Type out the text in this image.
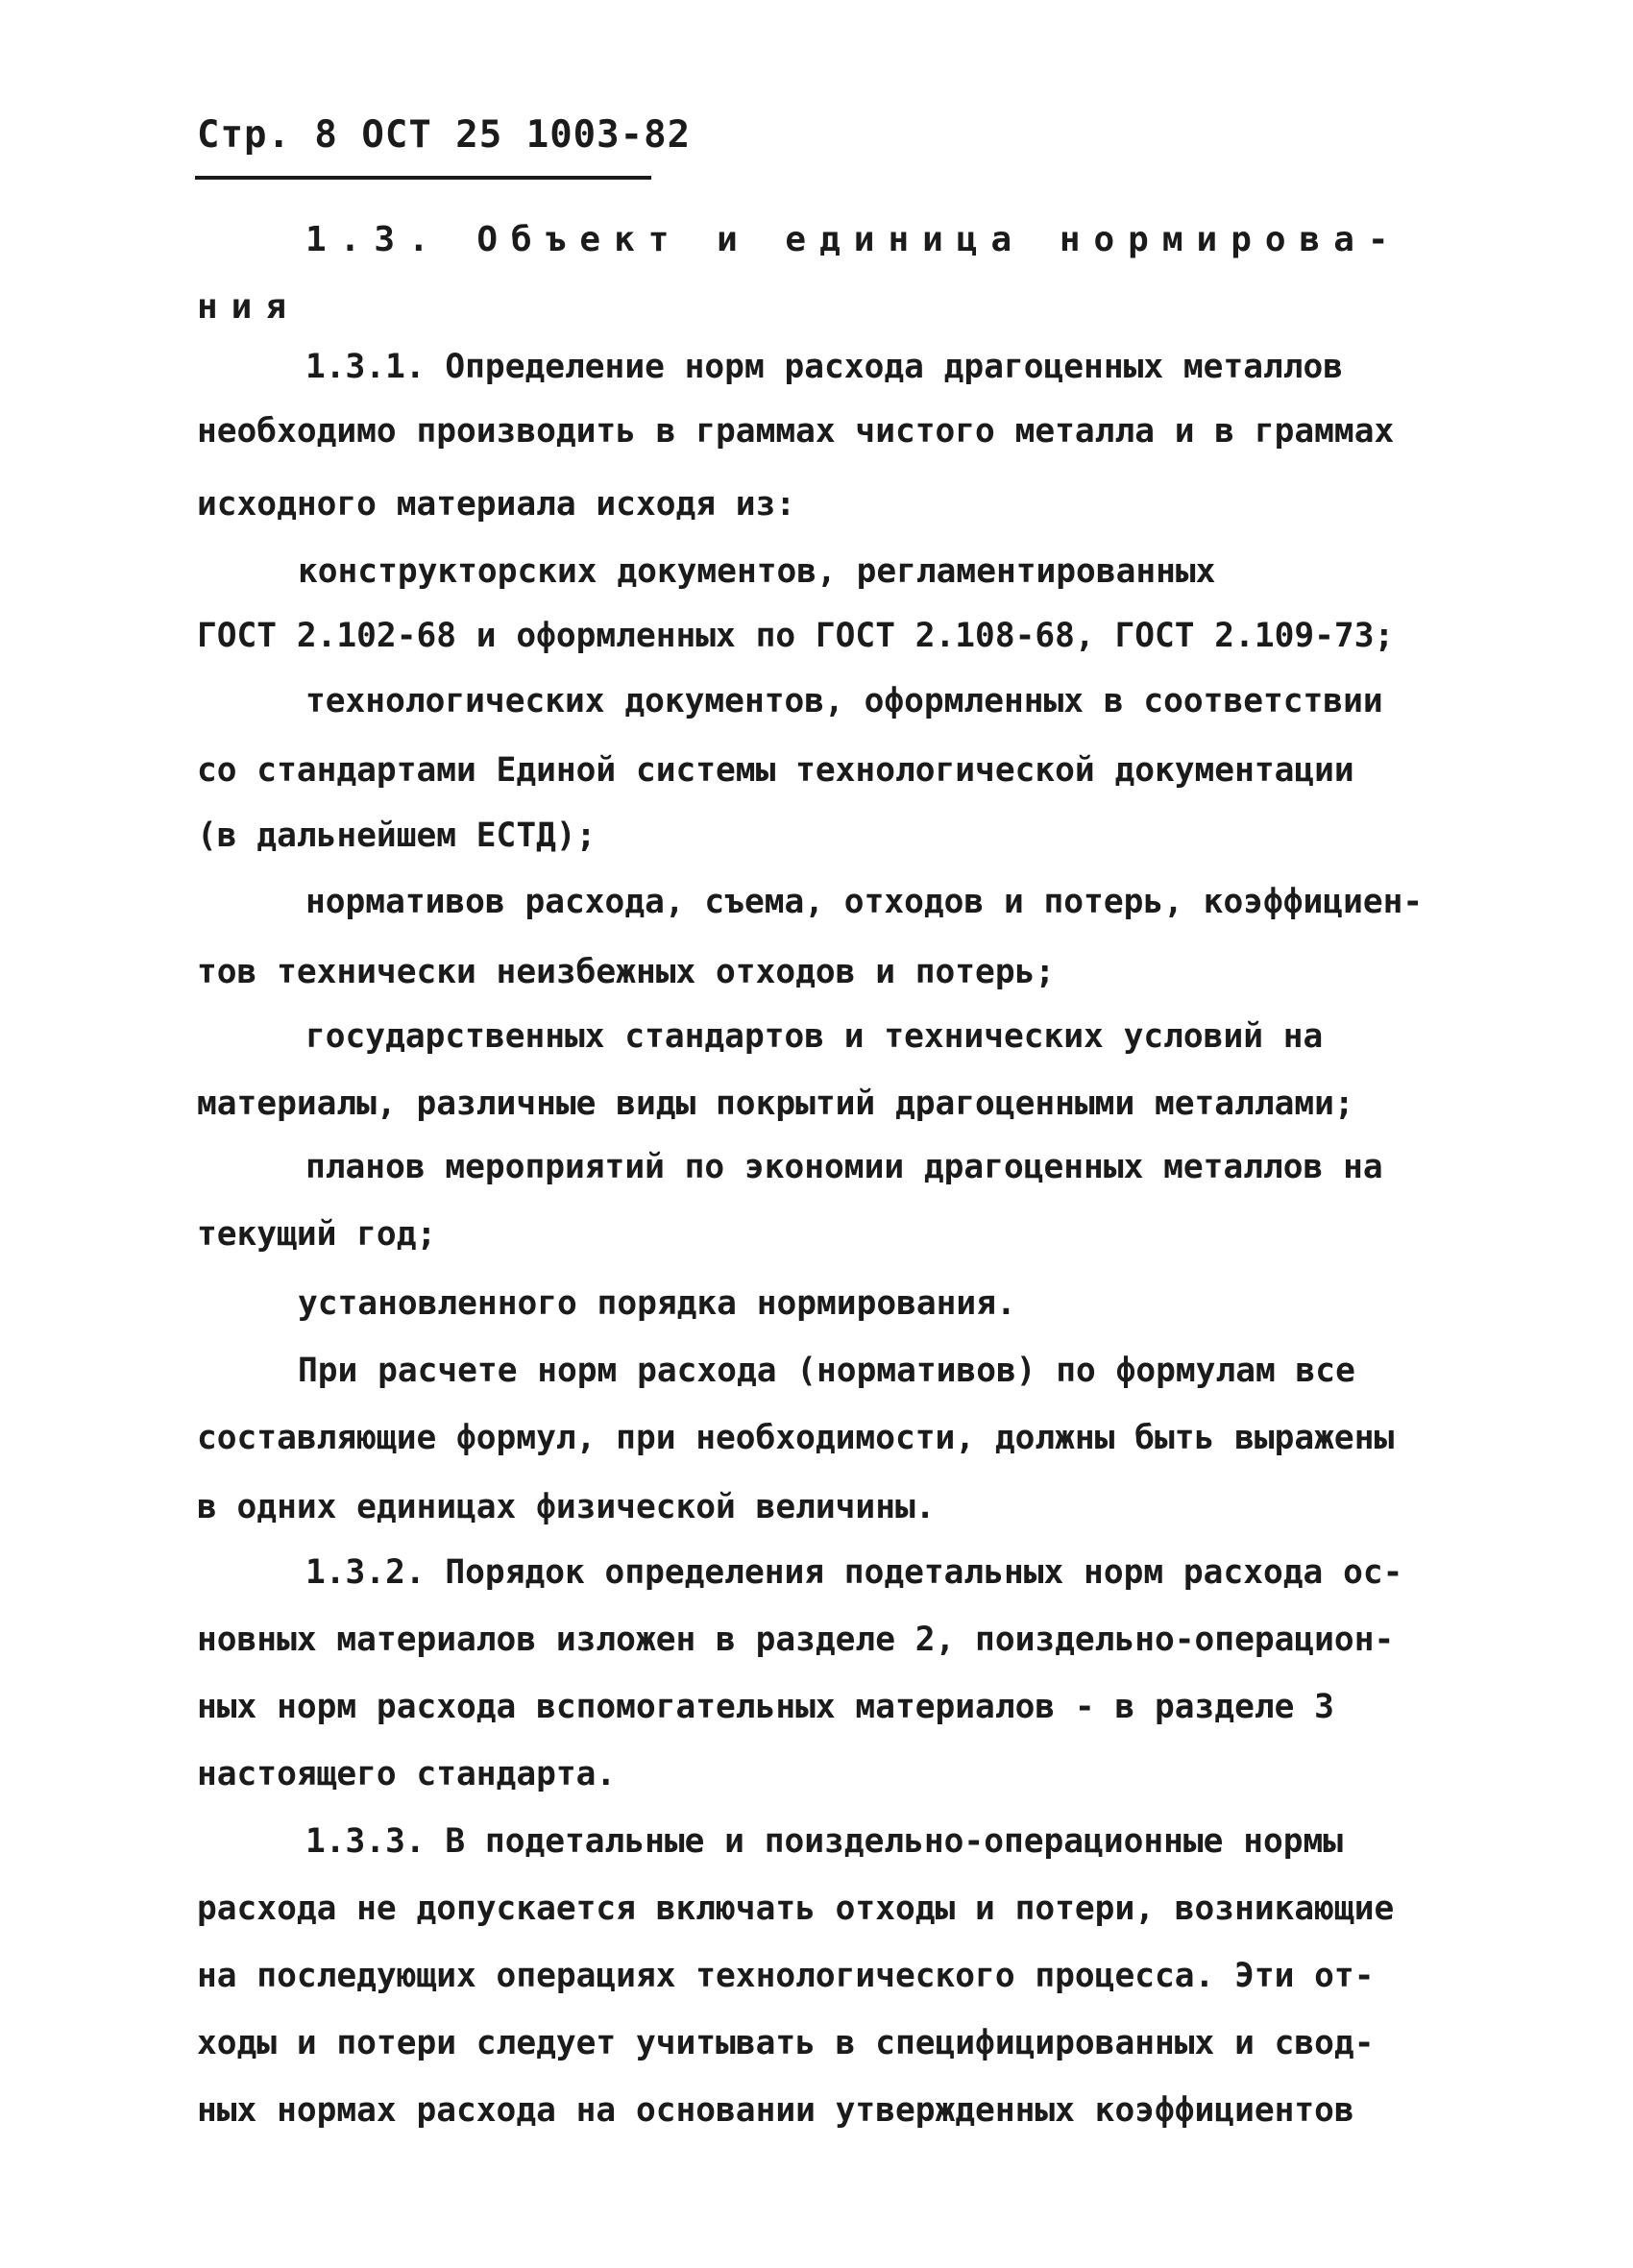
Стр. 8 ОСТ 25 1003-82
1.3. Объект и единица нормирова-
ния
1.3.1. Определение норм расхода драгоценных металлов
необходимо производить в граммах чистого металла и в граммах
исходного материала исходя из:
конструкторских документов, регламентированных
ГОСТ 2.102-68 и оформленных по ГОСТ 2.108-68, ГОСТ 2.109-73;
технологических документов, оформленных в соответствии
со стандартами Единой системы технологической документации
(в дальнейшем ЕСТД);
нормативов расхода, съема, отходов и потерь, коэффициен-
тов технически неизбежных отходов и потерь;
государственных стандартов и технических условий на
материалы, различные виды покрытий драгоценными металлами;
планов мероприятий по экономии драгоценных металлов на
текущий год;
установленного порядка нормирования.
При расчете норм расхода (нормативов) по формулам все
составляющие формул, при необходимости, должны быть выражены
в одних единицах физической величины.
1.3.2. Порядок определения подетальных норм расхода ос-
новных материалов изложен в разделе 2, поиздельно-операцион-
ных норм расхода вспомогательных материалов - в разделе 3
настоящего стандарта.
1.3.3. В подетальные и поиздельно-операционные нормы
расхода не допускается включать отходы и потери, возникающие
на последующих операциях технологического процесса. Эти от-
ходы и потери следует учитывать в специфицированных и свод-
ных нормах расхода на основании утвержденных коэффициентов
